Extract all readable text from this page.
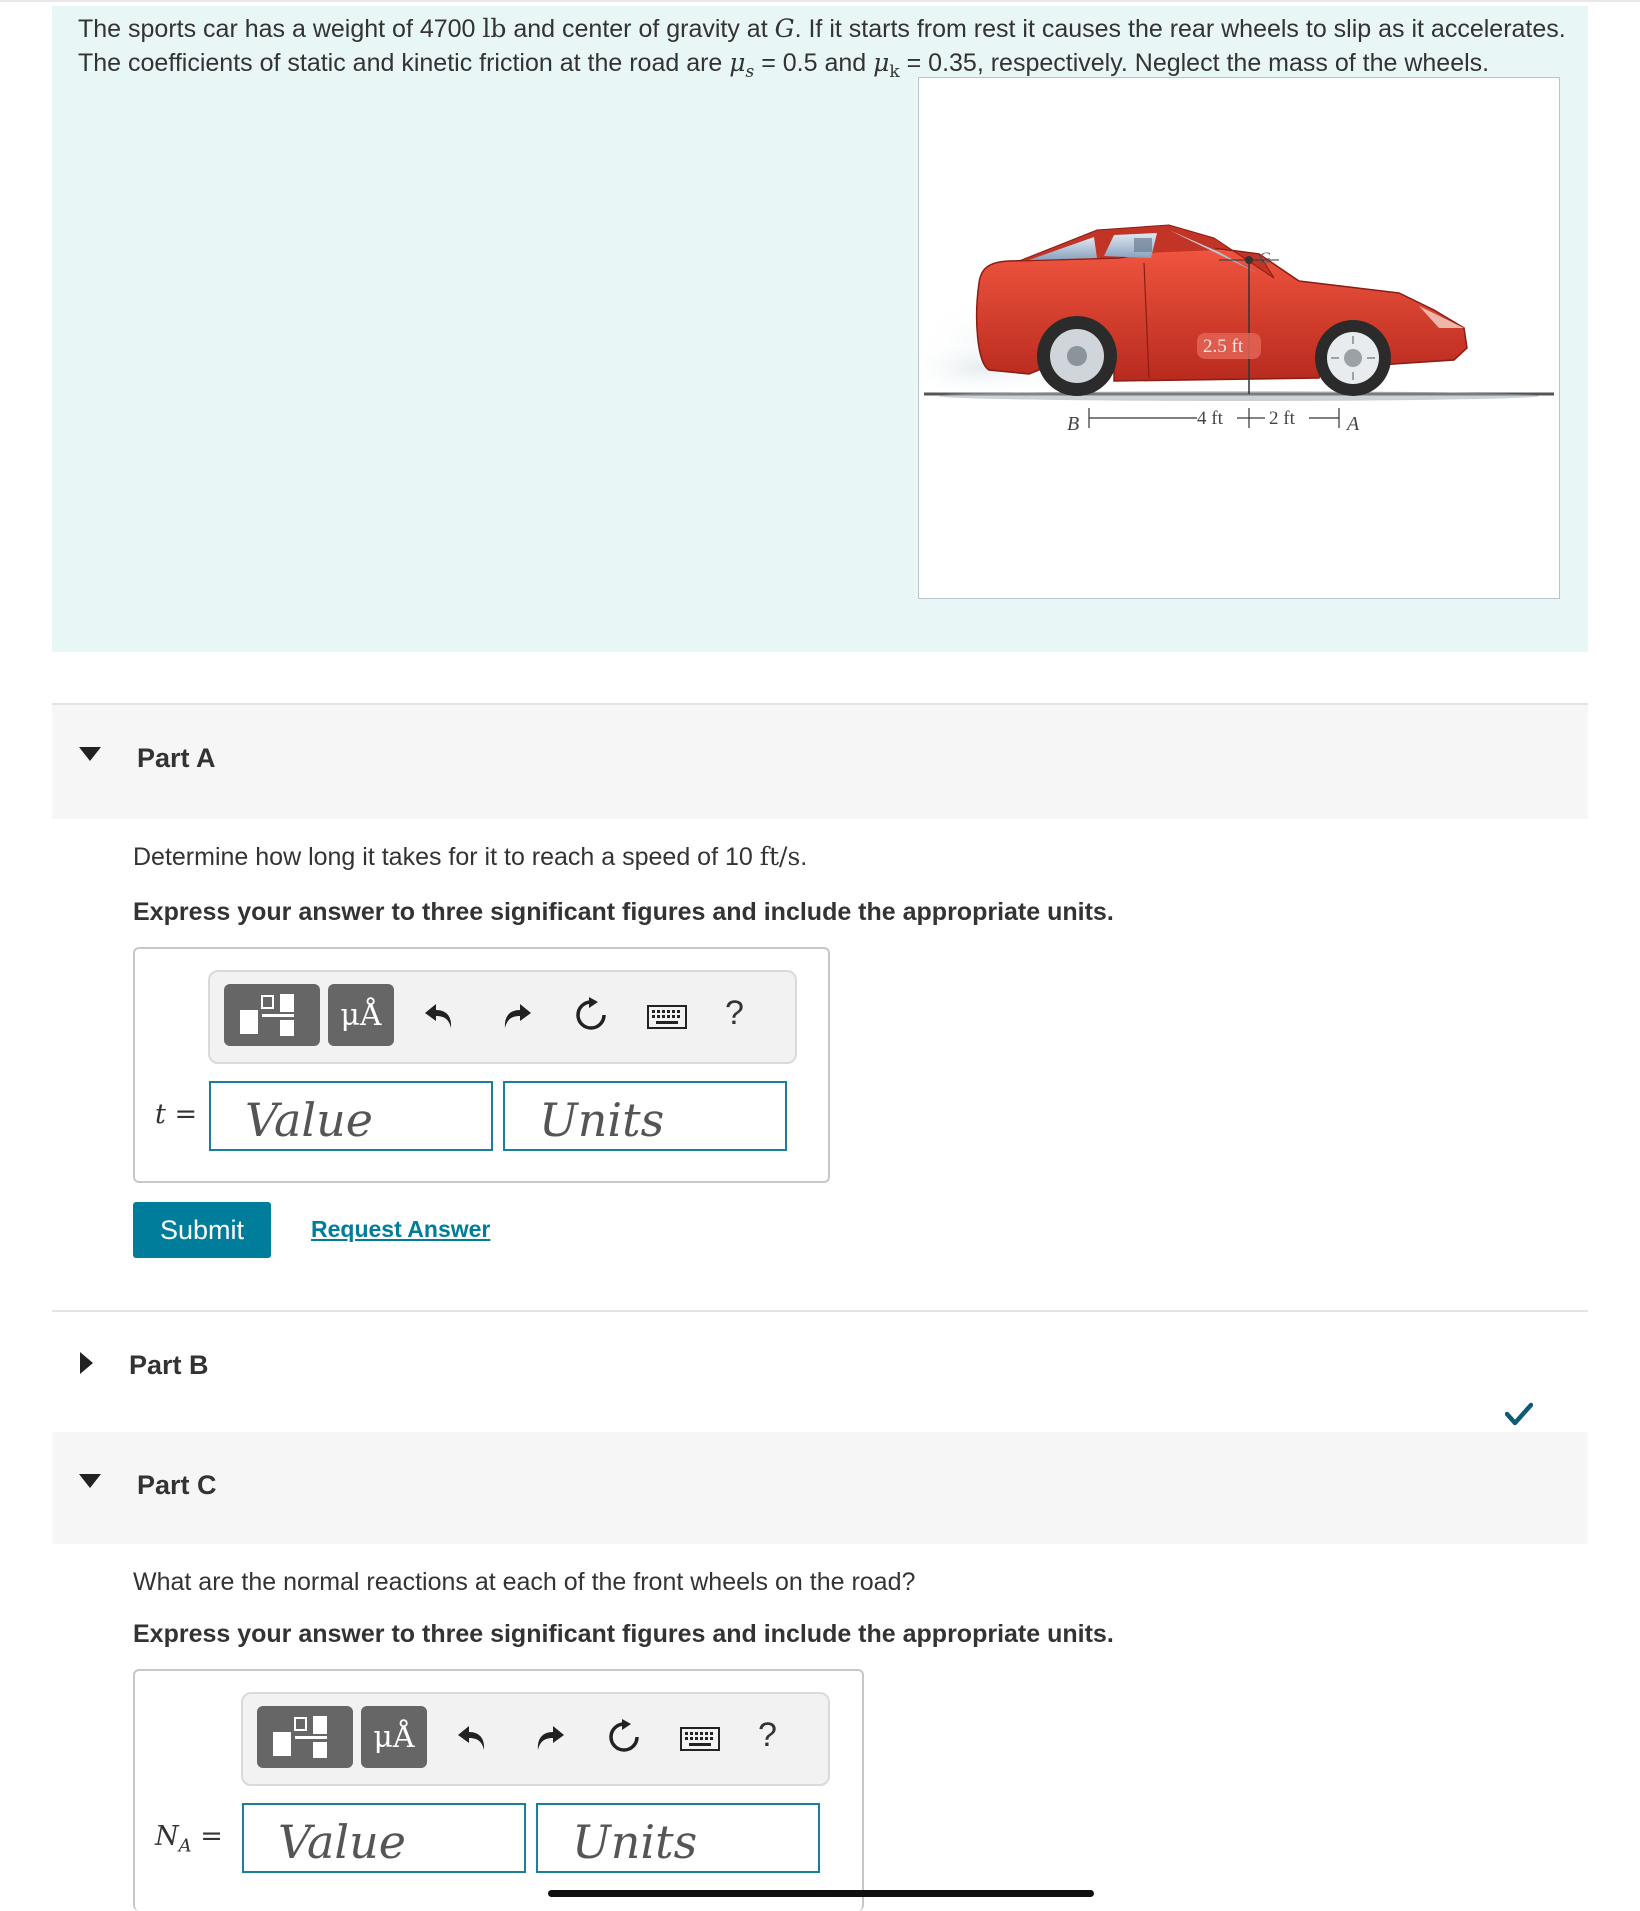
The sports car has a weight of 4700 lb and center of gravity at G. If it starts from rest it causes the rear wheels to slip as it accelerates. The coefficients of static and kinetic friction at the road are $\mu_s = 0.5$ and $\mu_k = 0.35$, respectively. Neglect the mass of the wheels.
G
2.5 ft
4 ft 2 ft
B	A
Part A
Determine how long it takes for it to reach a speed of 10 ft/s.
Express your answer to three significant figures and include the appropriate units.
μÅ	?
t = Value	Units
Submit	Request Answer
Part B
Part C
What are the normal reactions at each of the front wheels on the road?
Express your answer to three significant figures and include the appropriate units.
μÅ	?
$N_A$ = Value	Units
